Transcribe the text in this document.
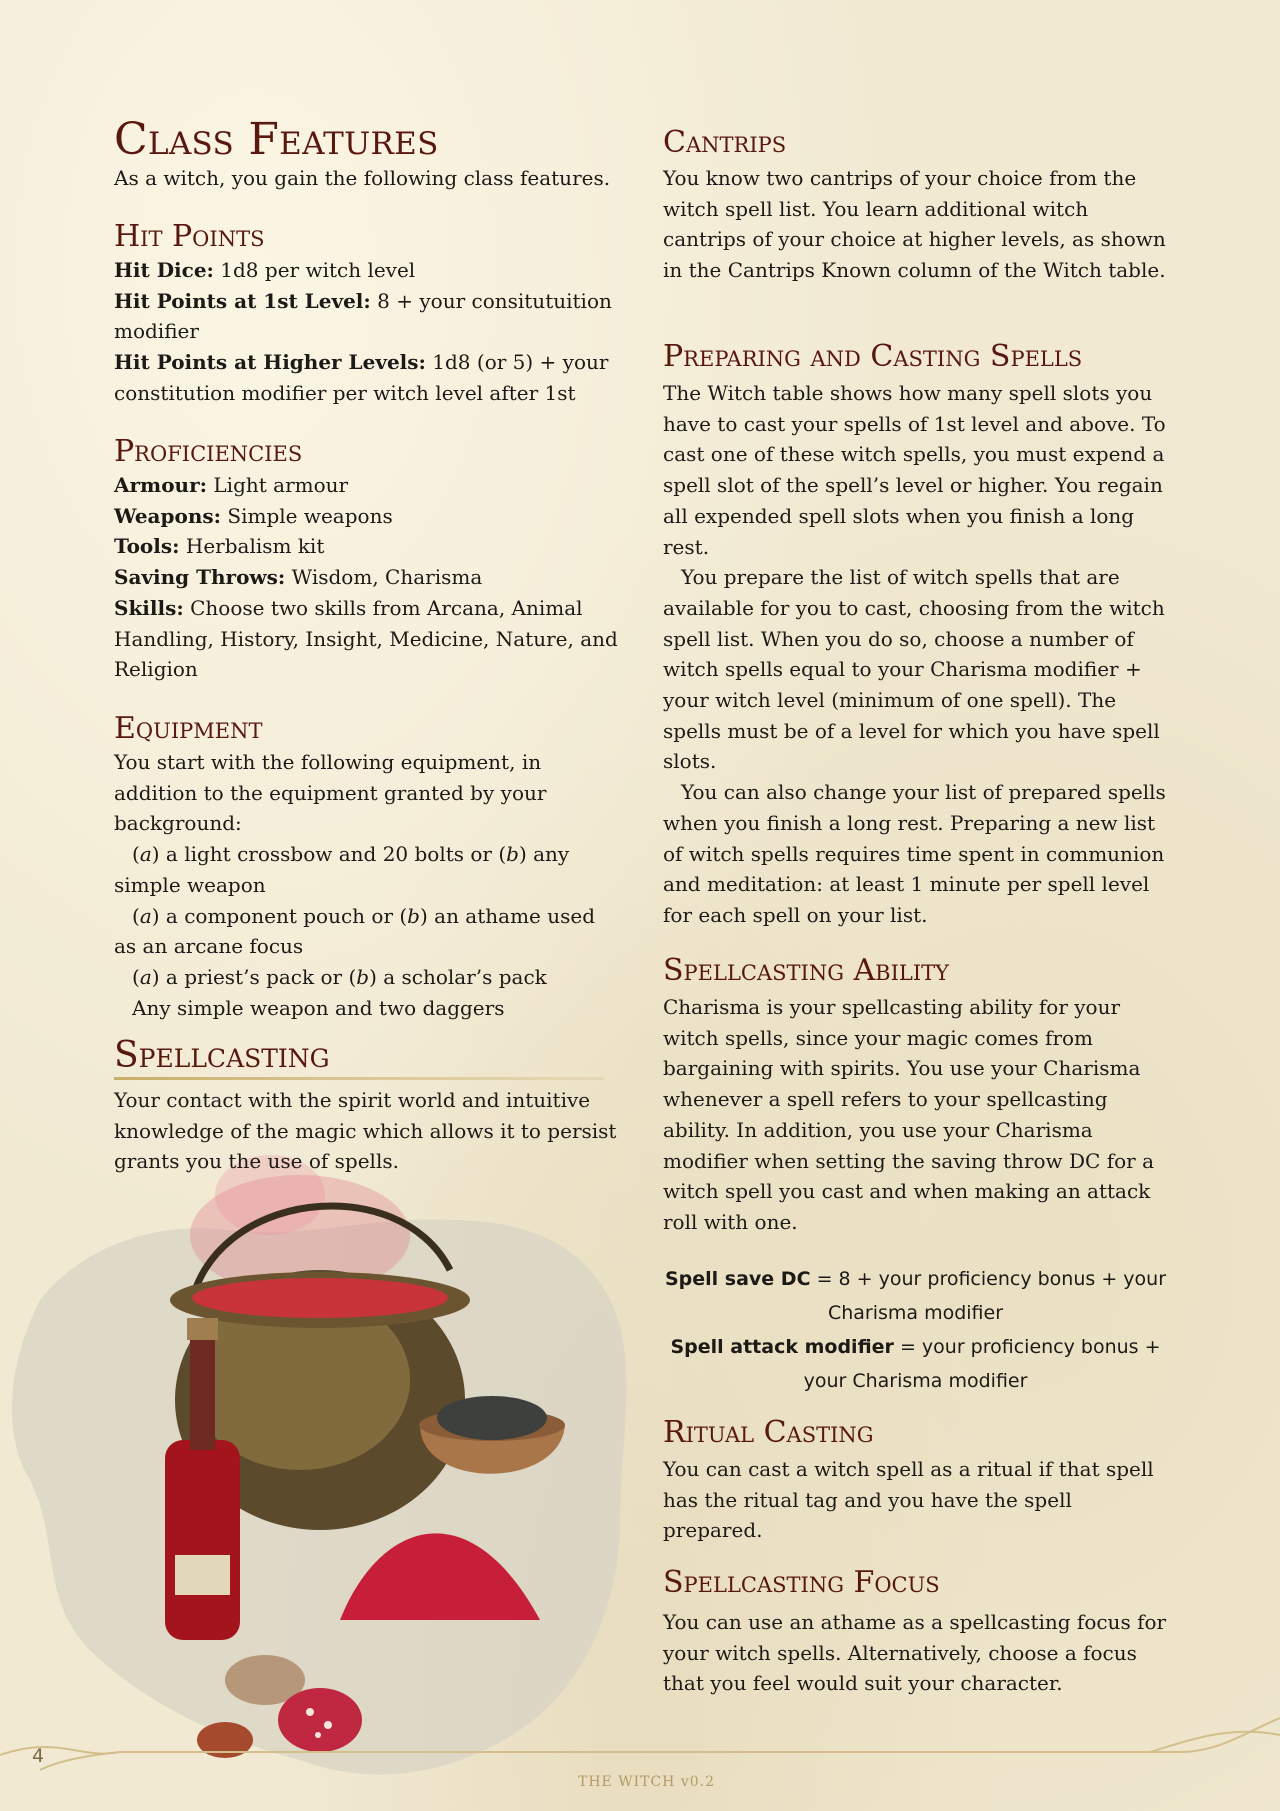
Class Features

As a witch, you gain the following class features.

Hit Points
Hit Dice: 1d8 per witch level
Hit Points at 1st Level: 8 + your consitutuition modifier
Hit Points at Higher Levels: 1d8 (or 5) + your constitution modifier per witch level after 1st
Proficiencies
Armour: Light armour
Weapons: Simple weapons
Tools: Herbalism kit
Saving Throws: Wisdom, Charisma
Skills: Choose two skills from Arcana, Animal Handling, History, Insight, Medicine, Nature, and Religion
Equipment
You start with the following equipment, in addition to the equipment granted by your background:
(a) a light crossbow and 20 bolts or (b) any simple weapon
(a) a component pouch or (b) an athame used as an arcane focus
(a) a priest’s pack or (b) a scholar’s pack
Any simple weapon and two daggers
Spellcasting

Your contact with the spirit world and intuitive knowledge of the magic which allows it to persist grants you the use of spells.

Cantrips

You know two cantrips of your choice from the witch spell list. You learn additional witch cantrips of your choice at higher levels, as shown in the Cantrips Known column of the Witch table.

Preparing and Casting Spells
The Witch table shows how many spell slots you have to cast your spells of 1st level and above. To cast one of these witch spells, you must expend a spell slot of the spell’s level or higher. You regain all expended spell slots when you finish a long rest.
You prepare the list of witch spells that are available for you to cast, choosing from the witch spell list. When you do so, choose a number of witch spells equal to your Charisma modifier + your witch level (minimum of one spell). The spells must be of a level for which you have spell slots.
You can also change your list of prepared spells when you finish a long rest. Preparing a new list of witch spells requires time spent in communion and meditation: at least 1 minute per spell level for each spell on your list.
Spellcasting Ability

Charisma is your spellcasting ability for your witch spells, since your magic comes from bargaining with spirits. You use your Charisma whenever a spell refers to your spellcasting ability. In addition, you use your Charisma modifier when setting the saving throw DC for a witch spell you cast and when making an attack roll with one.

Spell save DC = 8 + your proficiency bonus + your Charisma modifier
Spell attack modifier = your proficiency bonus + your Charisma modifier
Ritual Casting

You can cast a witch spell as a ritual if that spell has the ritual tag and you have the spell prepared.

Spellcasting Focus

You can use an athame as a spellcasting focus for your witch spells. Alternatively, choose a focus that you feel would suit your character.

4
THE WITCH v0.2
